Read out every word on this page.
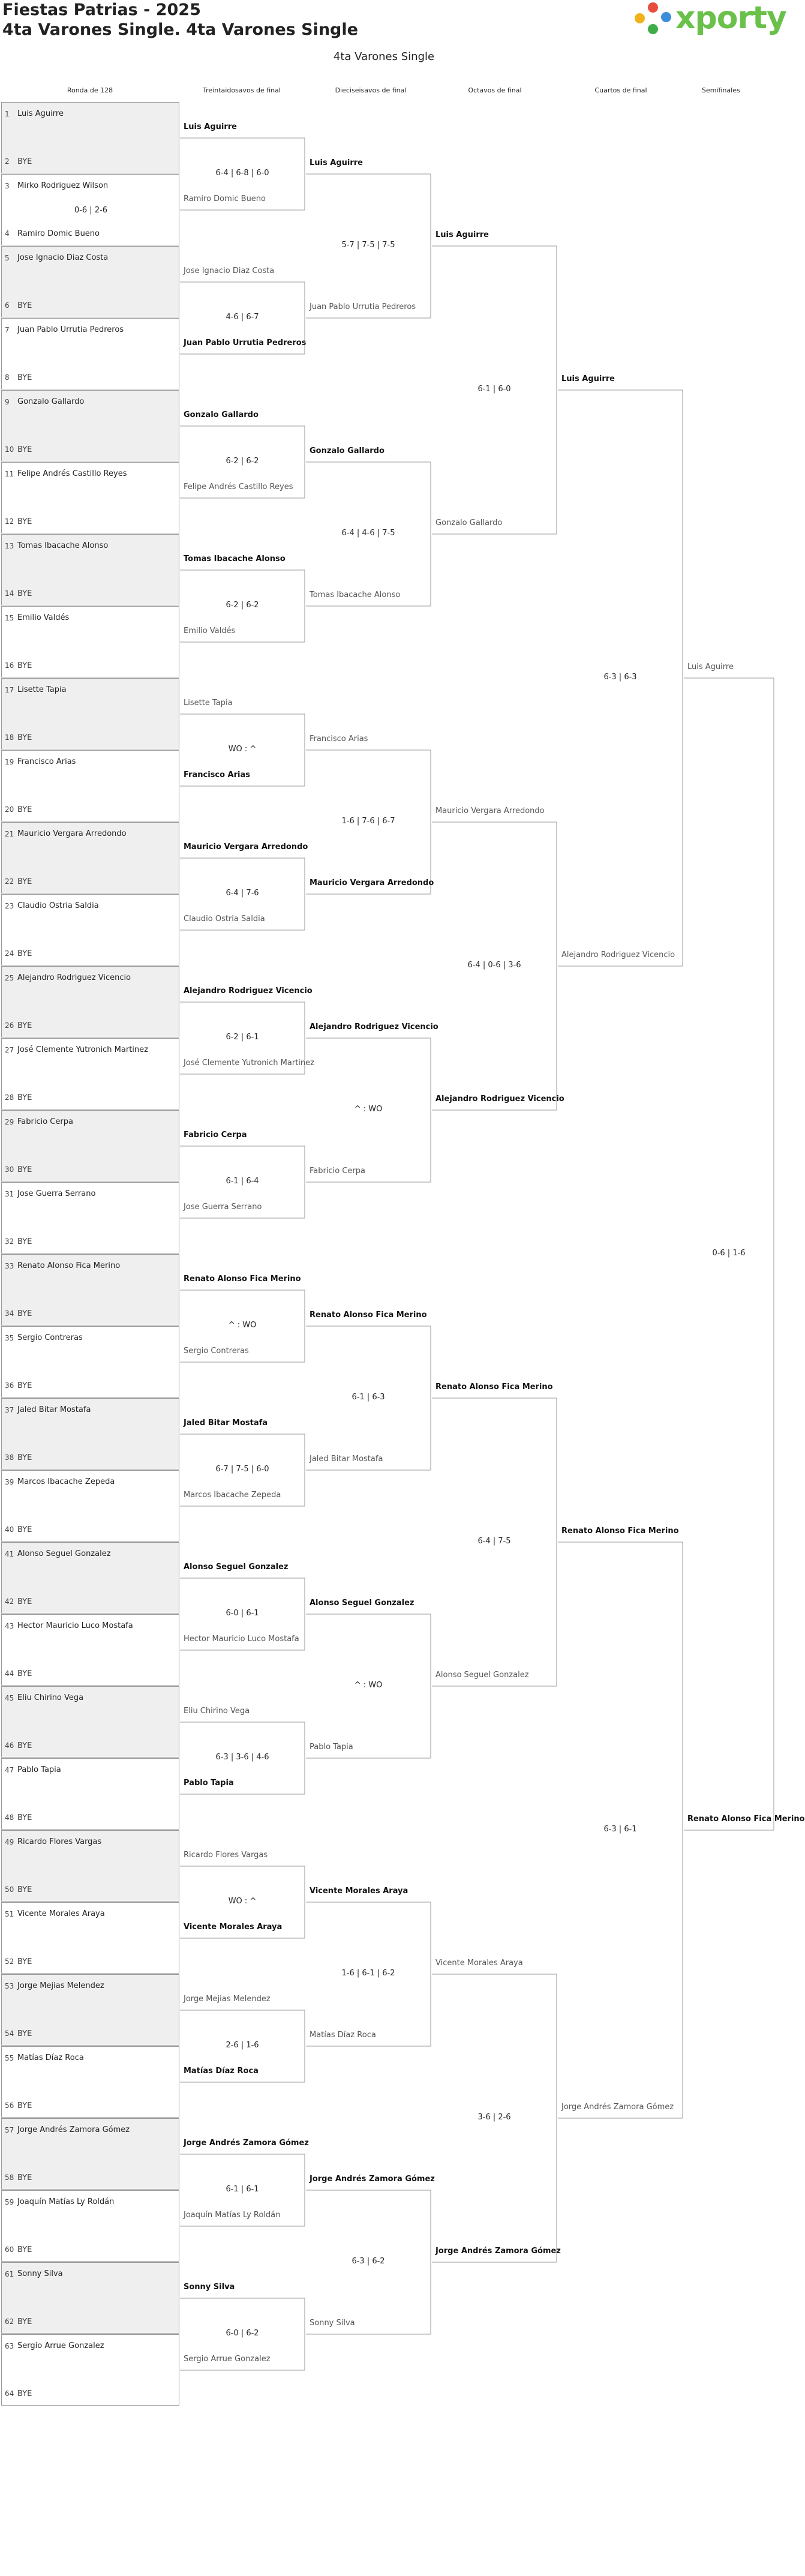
Fiestas Patrias - 2025
4ta Varones Single. 4ta Varones Single	xporty
4ta Varones Single
Ronda de 128	Treintaidosavos de final	Dieciseisavos de final	Octavos de final	Cuartos de final	Semifinales
1 Luis Aguirre
2 BYE
3 Mirko Rodriguez Wilson
4 Ramiro Domic Bueno
0-6 | 2-6
5 Jose Ignacio Diaz Costa
6 BYE
7 Juan Pablo Urrutia Pedreros
8 BYE
9 Gonzalo Gallardo
10 BYE
11 Felipe Andrés Castillo Reyes
12 BYE
13 Tomas Ibacache Alonso
14 BYE
15 Emilio Valdés
16 BYE
17 Lisette Tapia
18 BYE
19 Francisco Arias
20 BYE
21 Mauricio Vergara Arredondo
22 BYE
23 Claudio Ostria Saldia
24 BYE
25 Alejandro Rodriguez Vicencio
26 BYE
27 José Clemente Yutronich Martinez
28 BYE
29 Fabricio Cerpa
30 BYE
31 Jose Guerra Serrano
32 BYE
33 Renato Alonso Fica Merino
34 BYE
35 Sergio Contreras
36 BYE
37 Jaled Bitar Mostafa
38 BYE
39 Marcos Ibacache Zepeda
40 BYE
41 Alonso Seguel Gonzalez
42 BYE
43 Hector Mauricio Luco Mostafa
44 BYE
45 Eliu Chirino Vega
46 BYE
47 Pablo Tapia
48 BYE
49 Ricardo Flores Vargas
50 BYE
51 Vicente Morales Araya
52 BYE
53 Jorge Mejias Melendez
54 BYE
55 Matías Díaz Roca
56 BYE
57 Jorge Andrés Zamora Gómez
58 BYE
59 Joaquín Matías Ly Roldán
60 BYE
61 Sonny Silva
62 BYE
63 Sergio Arrue Gonzalez
64 BYE
Luis Aguirre
Ramiro Domic Bueno
6-4 | 6-8 | 6-0
Jose Ignacio Diaz Costa
Juan Pablo Urrutia Pedreros
4-6 | 6-7
Gonzalo Gallardo
Felipe Andrés Castillo Reyes
6-2 | 6-2
Tomas Ibacache Alonso
Emilio Valdés
6-2 | 6-2
Lisette Tapia
Francisco Arias
WO : ^
Mauricio Vergara Arredondo
Claudio Ostria Saldia
6-4 | 7-6
Alejandro Rodriguez Vicencio
José Clemente Yutronich Martinez
6-2 | 6-1
Fabricio Cerpa
Jose Guerra Serrano
6-1 | 6-4
Renato Alonso Fica Merino
Sergio Contreras
^ : WO
Jaled Bitar Mostafa
Marcos Ibacache Zepeda
6-7 | 7-5 | 6-0
Alonso Seguel Gonzalez
Hector Mauricio Luco Mostafa
6-0 | 6-1
Eliu Chirino Vega
Pablo Tapia
6-3 | 3-6 | 4-6
Ricardo Flores Vargas
Vicente Morales Araya
WO : ^
Jorge Mejias Melendez
Matías Díaz Roca
2-6 | 1-6
Jorge Andrés Zamora Gómez
Joaquín Matías Ly Roldán
6-1 | 6-1
Sonny Silva
Sergio Arrue Gonzalez
6-0 | 6-2
Luis Aguirre
Juan Pablo Urrutia Pedreros
5-7 | 7-5 | 7-5
Gonzalo Gallardo
Tomas Ibacache Alonso
6-4 | 4-6 | 7-5
Francisco Arias
Mauricio Vergara Arredondo
1-6 | 7-6 | 6-7
Alejandro Rodriguez Vicencio
Fabricio Cerpa
^ : WO
Renato Alonso Fica Merino
Jaled Bitar Mostafa
6-1 | 6-3
Alonso Seguel Gonzalez
Pablo Tapia
^ : WO
Vicente Morales Araya
Matías Díaz Roca
1-6 | 6-1 | 6-2
Jorge Andrés Zamora Gómez
Sonny Silva
6-3 | 6-2
Luis Aguirre
Gonzalo Gallardo
6-1 | 6-0
Mauricio Vergara Arredondo
Alejandro Rodriguez Vicencio
6-4 | 0-6 | 3-6
Renato Alonso Fica Merino
Alonso Seguel Gonzalez
6-4 | 7-5
Vicente Morales Araya
Jorge Andrés Zamora Gómez
3-6 | 2-6
Luis Aguirre
Alejandro Rodriguez Vicencio
6-3 | 6-3
Renato Alonso Fica Merino
Jorge Andrés Zamora Gómez
6-3 | 6-1
Luis Aguirre
Renato Alonso Fica Merino
0-6 | 1-6
